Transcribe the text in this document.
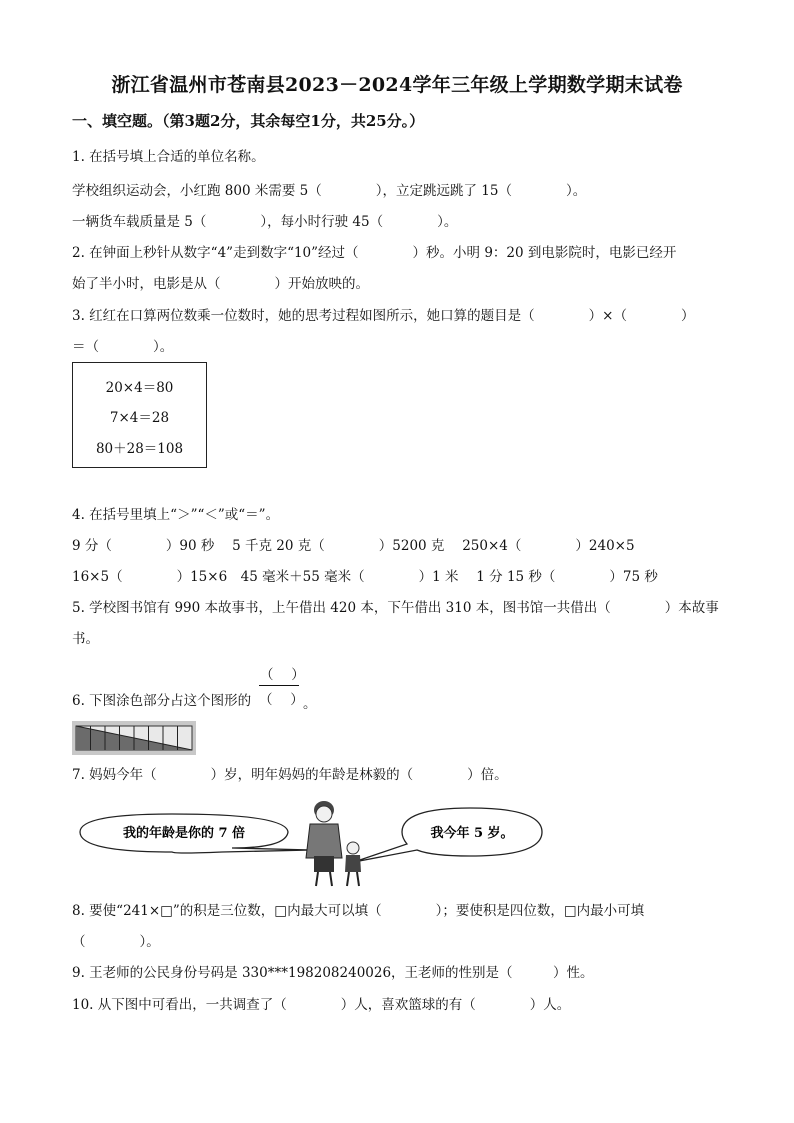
浙江省温州市苍南县2023－2024学年三年级上学期数学期末试卷
一、填空题。（第3题2分，其余每空1分，共25分。）
1. 在括号填上合适的单位名称。
学校组织运动会，小红跑 800 米需要 5（　　　　），立定跳远跳了 15（　　　　）。
一辆货车载质量是 5（　　　　），每小时行驶 45（　　　　）。
2. 在钟面上秒针从数字“4”走到数字“10”经过（　　　　）秒。小明 9：20 到电影院时，电影已经开
始了半小时，电影是从（　　　　）开始放映的。
3. 红红在口算两位数乘一位数时，她的思考过程如图所示，她口算的题目是（　　　　）×（　　　　）
＝（　　　　）。
20×4＝80
7×4＝28
80＋28＝108
4. 在括号里填上“＞”“＜”或“＝”。
9 分（　　　　）90 秒　 5 千克 20 克（　　　　）5200 克　 250×4（　　　　）240×5
16×5（　　　　）15×6　45 毫米＋55 毫米（　　　　）1 米　 1 分 15 秒（　　　　）75 秒
5. 学校图书馆有 990 本故事书，上午借出 420 本，下午借出 310 本，图书馆一共借出（　　　　）本故事
书。
6. 下图涂色部分占这个图形的
（　 ）
（　 ） 。
7. 妈妈今年（　　　　）岁，明年妈妈的年龄是林毅的（　　　　）倍。
我的年龄是你的 7 倍	我今年 5 岁。
8. 要使“241×□”的积是三位数，□内最大可以填（　　　　）；要使积是四位数，□内最小可填
（　　　　）。
9. 王老师的公民身份号码是 330***198208240026，王老师的性别是（　　　）性。
10. 从下图中可看出，一共调查了（　　　　）人，喜欢篮球的有（　　　　）人。
